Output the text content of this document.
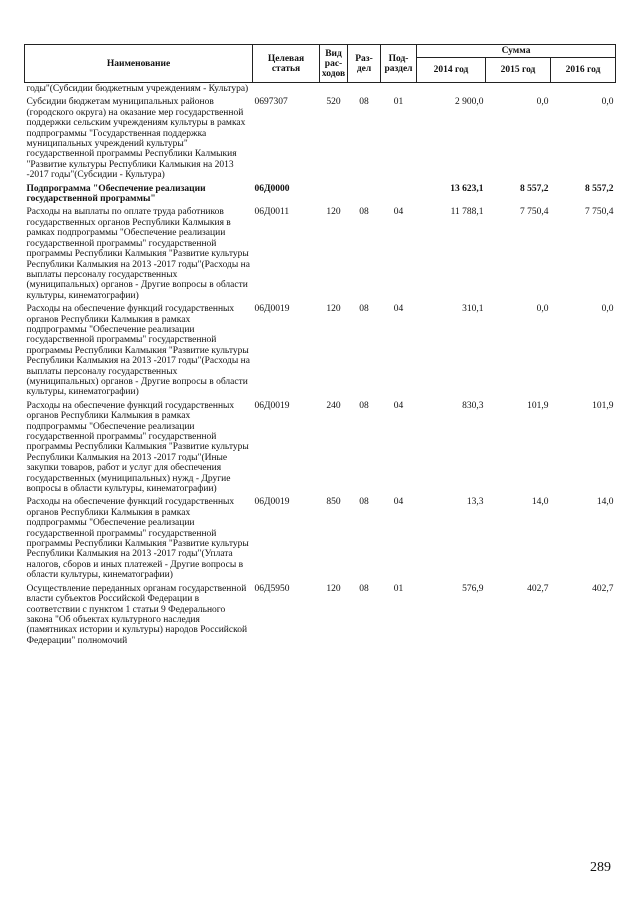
Наименование	Целевая статья	Вид рас-ходов	Раз-дел	Под-раздел	Сумма		
					2014 год	2015 год	2016 год
годы"(Субсидии бюджетным учреждениям - Культура)							
Субсидии бюджетам муниципальных районов (городского округа) на оказание мер государственной поддержки сельским учреждениям культуры в рамках подпрограммы "Государственная поддержка муниципальных учреждений культуры" государственной программы Республики Калмыкия "Развитие культуры Республики Калмыкия на 2013 -2017 годы"(Субсидии - Культура)	0697307	520	08	01	2 900,0	0,0	0,0
Подпрограмма "Обеспечение реализации государственной программы"	06Д0000				13 623,1	8 557,2	8 557,2
Расходы на выплаты по оплате труда работников государственных органов Республики Калмыкия в рамках подпрограммы "Обеспечение реализации государственной программы" государственной программы Республики Калмыкия "Развитие культуры Республики Калмыкия на 2013 -2017 годы"(Расходы на выплаты персоналу государственных (муниципальных) органов - Другие вопросы в области культуры, кинематографии)	06Д0011	120	08	04	11 788,1	7 750,4	7 750,4
Расходы на обеспечение функций государственных органов Республики Калмыкия в рамках подпрограммы "Обеспечение реализации государственной программы" государственной программы Республики Калмыкия "Развитие культуры Республики Калмыкия на 2013 -2017 годы"(Расходы на выплаты персоналу государственных (муниципальных) органов - Другие вопросы в области культуры, кинематографии)	06Д0019	120	08	04	310,1	0,0	0,0
Расходы на обеспечение функций государственных органов Республики Калмыкия в рамках подпрограммы "Обеспечение реализации государственной программы" государственной программы Республики Калмыкия "Развитие культуры Республики Калмыкия на 2013 -2017 годы"(Иные закупки товаров, работ и услуг для обеспечения государственных (муниципальных) нужд - Другие вопросы в области культуры, кинематографии)	06Д0019	240	08	04	830,3	101,9	101,9
Расходы на обеспечение функций государственных органов Республики Калмыкия в рамках подпрограммы "Обеспечение реализации государственной программы" государственной программы Республики Калмыкия "Развитие культуры Республики Калмыкия на 2013 -2017 годы"(Уплата налогов, сборов и иных платежей - Другие вопросы в области культуры, кинематографии)	06Д0019	850	08	04	13,3	14,0	14,0
Осуществление переданных органам государственной власти субъектов Российской Федерации в соответствии с пунктом 1 статьи 9 Федерального закона "Об объектах культурного наследия (памятниках истории и культуры) народов Российской Федерации" полномочий	06Д5950	120	08	01	576,9	402,7	402,7
289
